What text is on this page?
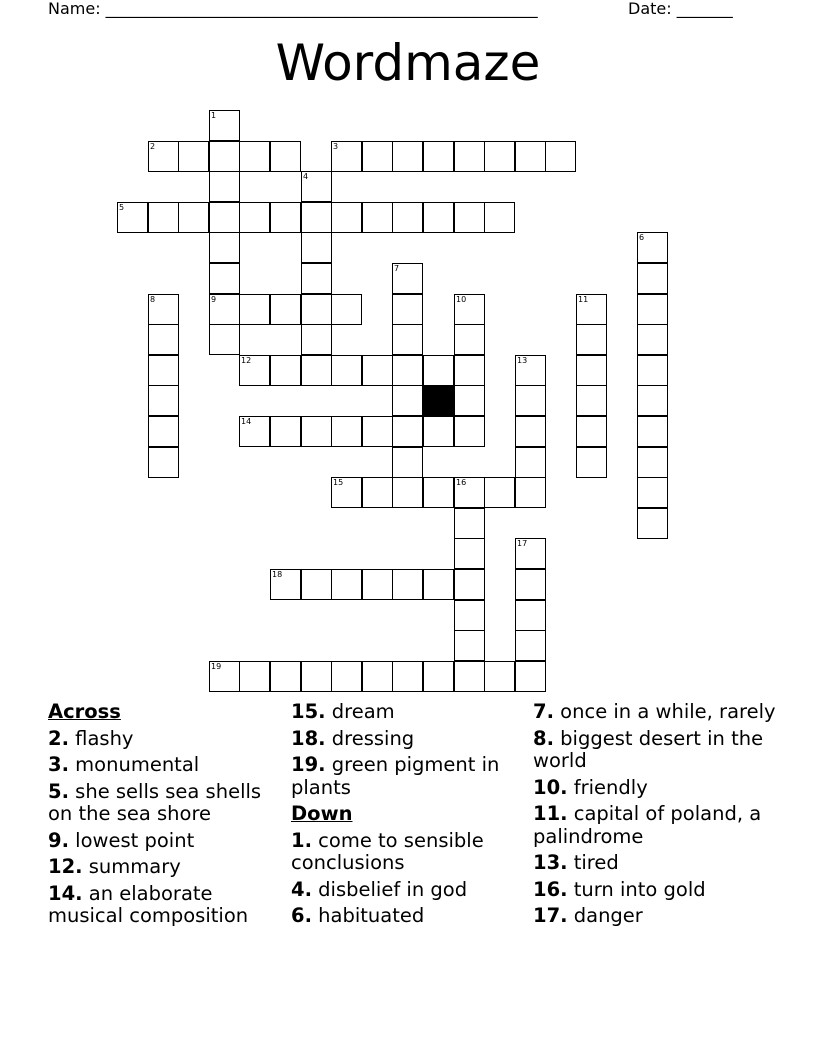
Name: ______________________________________________________	Date: _______
Wordmaze
2	3
5
9
12
14
15	16
18
19
1
4
6
7
8	10	11
13
17
Across
2. flashy
3. monumental
5. she sells sea shells on the sea shore
9. lowest point
12. summary
14. an elaborate musical composition
15. dream
18. dressing
19. green pigment in plants
Down
1. come to sensible conclusions
4. disbelief in god
6. habituated
7. once in a while, rarely
8. biggest desert in the world
10. friendly
11. capital of poland, a palindrome
13. tired
16. turn into gold
17. danger
